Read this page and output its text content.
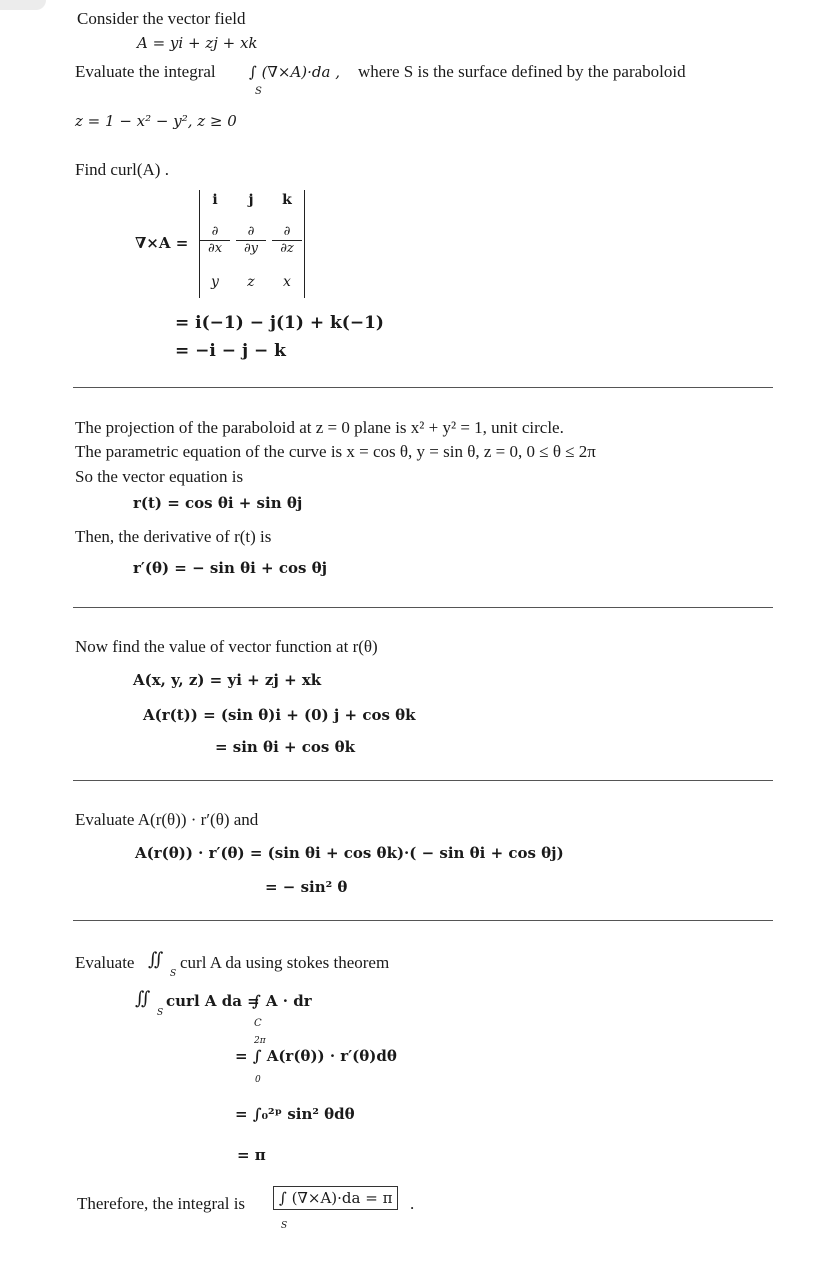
Consider the vector field
A = yi + zj + xk
Evaluate the integral ∫ (∇×A)·da ,
S
where S is the surface defined by the paraboloid
z = 1 − x² − y², z ≥ 0
Find curl(A) .
∇×A =
i	j	k
∂
∂x
∂
∂y
∂
∂z
y	z	x
= i(−1) − j(1) + k(−1)
= −i − j − k
The projection of the paraboloid at z = 0 plane is x² + y² = 1, unit circle.
The parametric equation of the curve is x = cos θ, y = sin θ, z = 0, 0 ≤ θ ≤ 2π
So the vector equation is
r(t) = cos θi + sin θj
Then, the derivative of r(t) is
r′(θ) = − sin θi + cos θj
Now find the value of vector function at r(θ)
A(x, y, z) = yi + zj + xk
A(r(t)) = (sin θ)i + (0) j + cos θk
= sin θi + cos θk
Evaluate A(r(θ)) · r′(θ) and
A(r(θ)) · r′(θ) = (sin θi + cos θk)·( − sin θi + cos θj)
= − sin² θ
Evaluate ∬
S
curl A da using stokes theorem
∬
S
curl A da =
∫ A · dr
C
2π
= ∫ A(r(θ)) · r′(θ)dθ
0
= ∫₀²ᵖ sin² θdθ
= π
Therefore, the integral is	∫ (∇×A)·da = π
S
.
